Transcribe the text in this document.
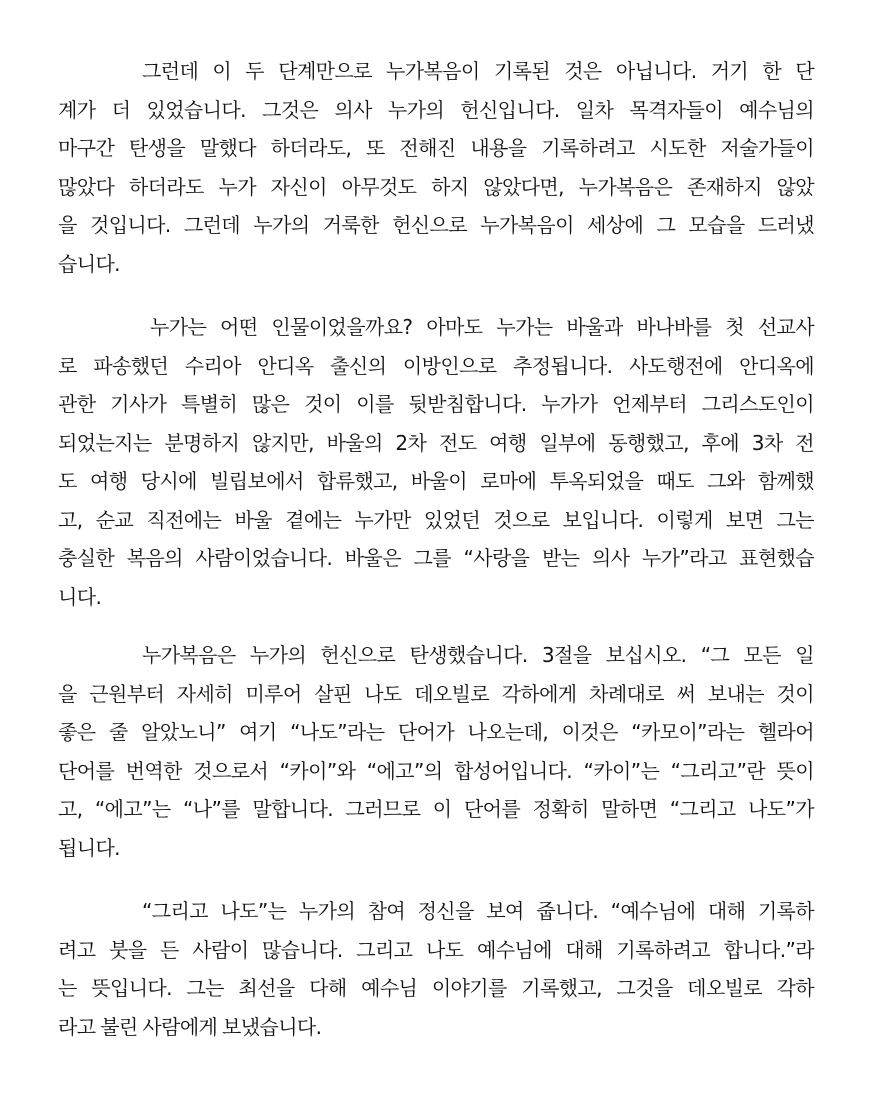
그런데 이 두 단계만으로 누가복음이 기록된 것은 아닙니다. 거기 한 단
계가 더 있었습니다. 그것은 의사 누가의 헌신입니다. 일차 목격자들이 예수님의
마구간 탄생을 말했다 하더라도, 또 전해진 내용을 기록하려고 시도한 저술가들이
많았다 하더라도 누가 자신이 아무것도 하지 않았다면, 누가복음은 존재하지 않았
을 것입니다. 그런데 누가의 거룩한 헌신으로 누가복음이 세상에 그 모습을 드러냈
습니다.
누가는 어떤 인물이었을까요? 아마도 누가는 바울과 바나바를 첫 선교사
로 파송했던 수리아 안디옥 출신의 이방인으로 추정됩니다. 사도행전에 안디옥에
관한 기사가 특별히 많은 것이 이를 뒷받침합니다. 누가가 언제부터 그리스도인이
되었는지는 분명하지 않지만, 바울의 2차 전도 여행 일부에 동행했고, 후에 3차 전
도 여행 당시에 빌립보에서 합류했고, 바울이 로마에 투옥되었을 때도 그와 함께했
고, 순교 직전에는 바울 곁에는 누가만 있었던 것으로 보입니다. 이렇게 보면 그는
충실한 복음의 사람이었습니다. 바울은 그를 “사랑을 받는 의사 누가”라고 표현했습
니다.
누가복음은 누가의 헌신으로 탄생했습니다. 3절을 보십시오. “그 모든 일
을 근원부터 자세히 미루어 살핀 나도 데오빌로 각하에게 차례대로 써 보내는 것이
좋은 줄 알았노니” 여기 “나도”라는 단어가 나오는데, 이것은 “카모이”라는 헬라어
단어를 번역한 것으로서 “카이”와 “에고”의 합성어입니다. “카이”는 “그리고”란 뜻이
고, “에고”는 “나”를 말합니다. 그러므로 이 단어를 정확히 말하면 “그리고 나도”가
됩니다.
“그리고 나도”는 누가의 참여 정신을 보여 줍니다. “예수님에 대해 기록하
려고 붓을 든 사람이 많습니다. 그리고 나도 예수님에 대해 기록하려고 합니다.”라
는 뜻입니다. 그는 최선을 다해 예수님 이야기를 기록했고, 그것을 데오빌로 각하
라고 불린 사람에게 보냈습니다.
